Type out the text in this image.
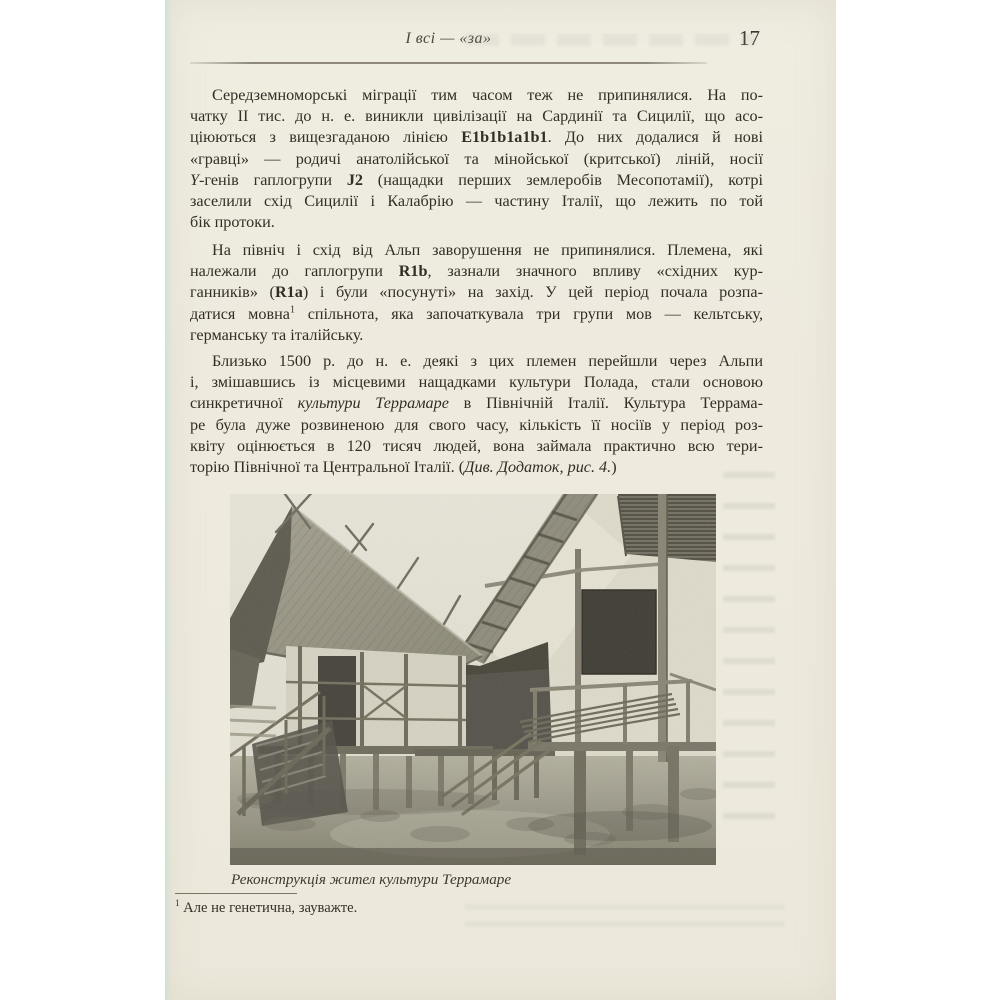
І всі — «за»	17
Середземноморські міграції тим часом теж не припинялися. На по-
чатку II тис. до н. е. виникли цивілізації на Сардинії та Сицилії, що асо-
ціюються з вищезгаданою лінією E1b1b1a1b1. До них додалися й нові
«гравці» — родичі анатолійської та мінойської (критської) ліній, носії
Y-генів гаплогрупи J2 (нащадки перших землеробів Месопотамії), котрі
заселили схід Сицилії і Калабрію — частину Італії, що лежить по той
бік протоки.
На північ і схід від Альп заворушення не припинялися. Племена, які
належали до гаплогрупи R1b, зазнали значного впливу «східних кур-
ганників» (R1a) і були «посунуті» на захід. У цей період почала розпа-
датися мовна$^1$ спільнота, яка започаткувала три групи мов — кельтську,
германську та італійську.
Близько 1500 р. до н. е. деякі з цих племен перейшли через Альпи
і, змішавшись із місцевими нащадками культури Полада, стали основою
синкретичної культури Террамаре в Північній Італії. Культура Террама-
ре була дуже розвиненою для свого часу, кількість її носіїв у період роз-
квіту оцінюється в 120 тисяч людей, вона займала практично всю тери-
торію Північної та Центральної Італії. (Див. Додаток, рис. 4.)
Реконструкція жител культури Террамаре
$^1$ Але не генетична, зауважте.
